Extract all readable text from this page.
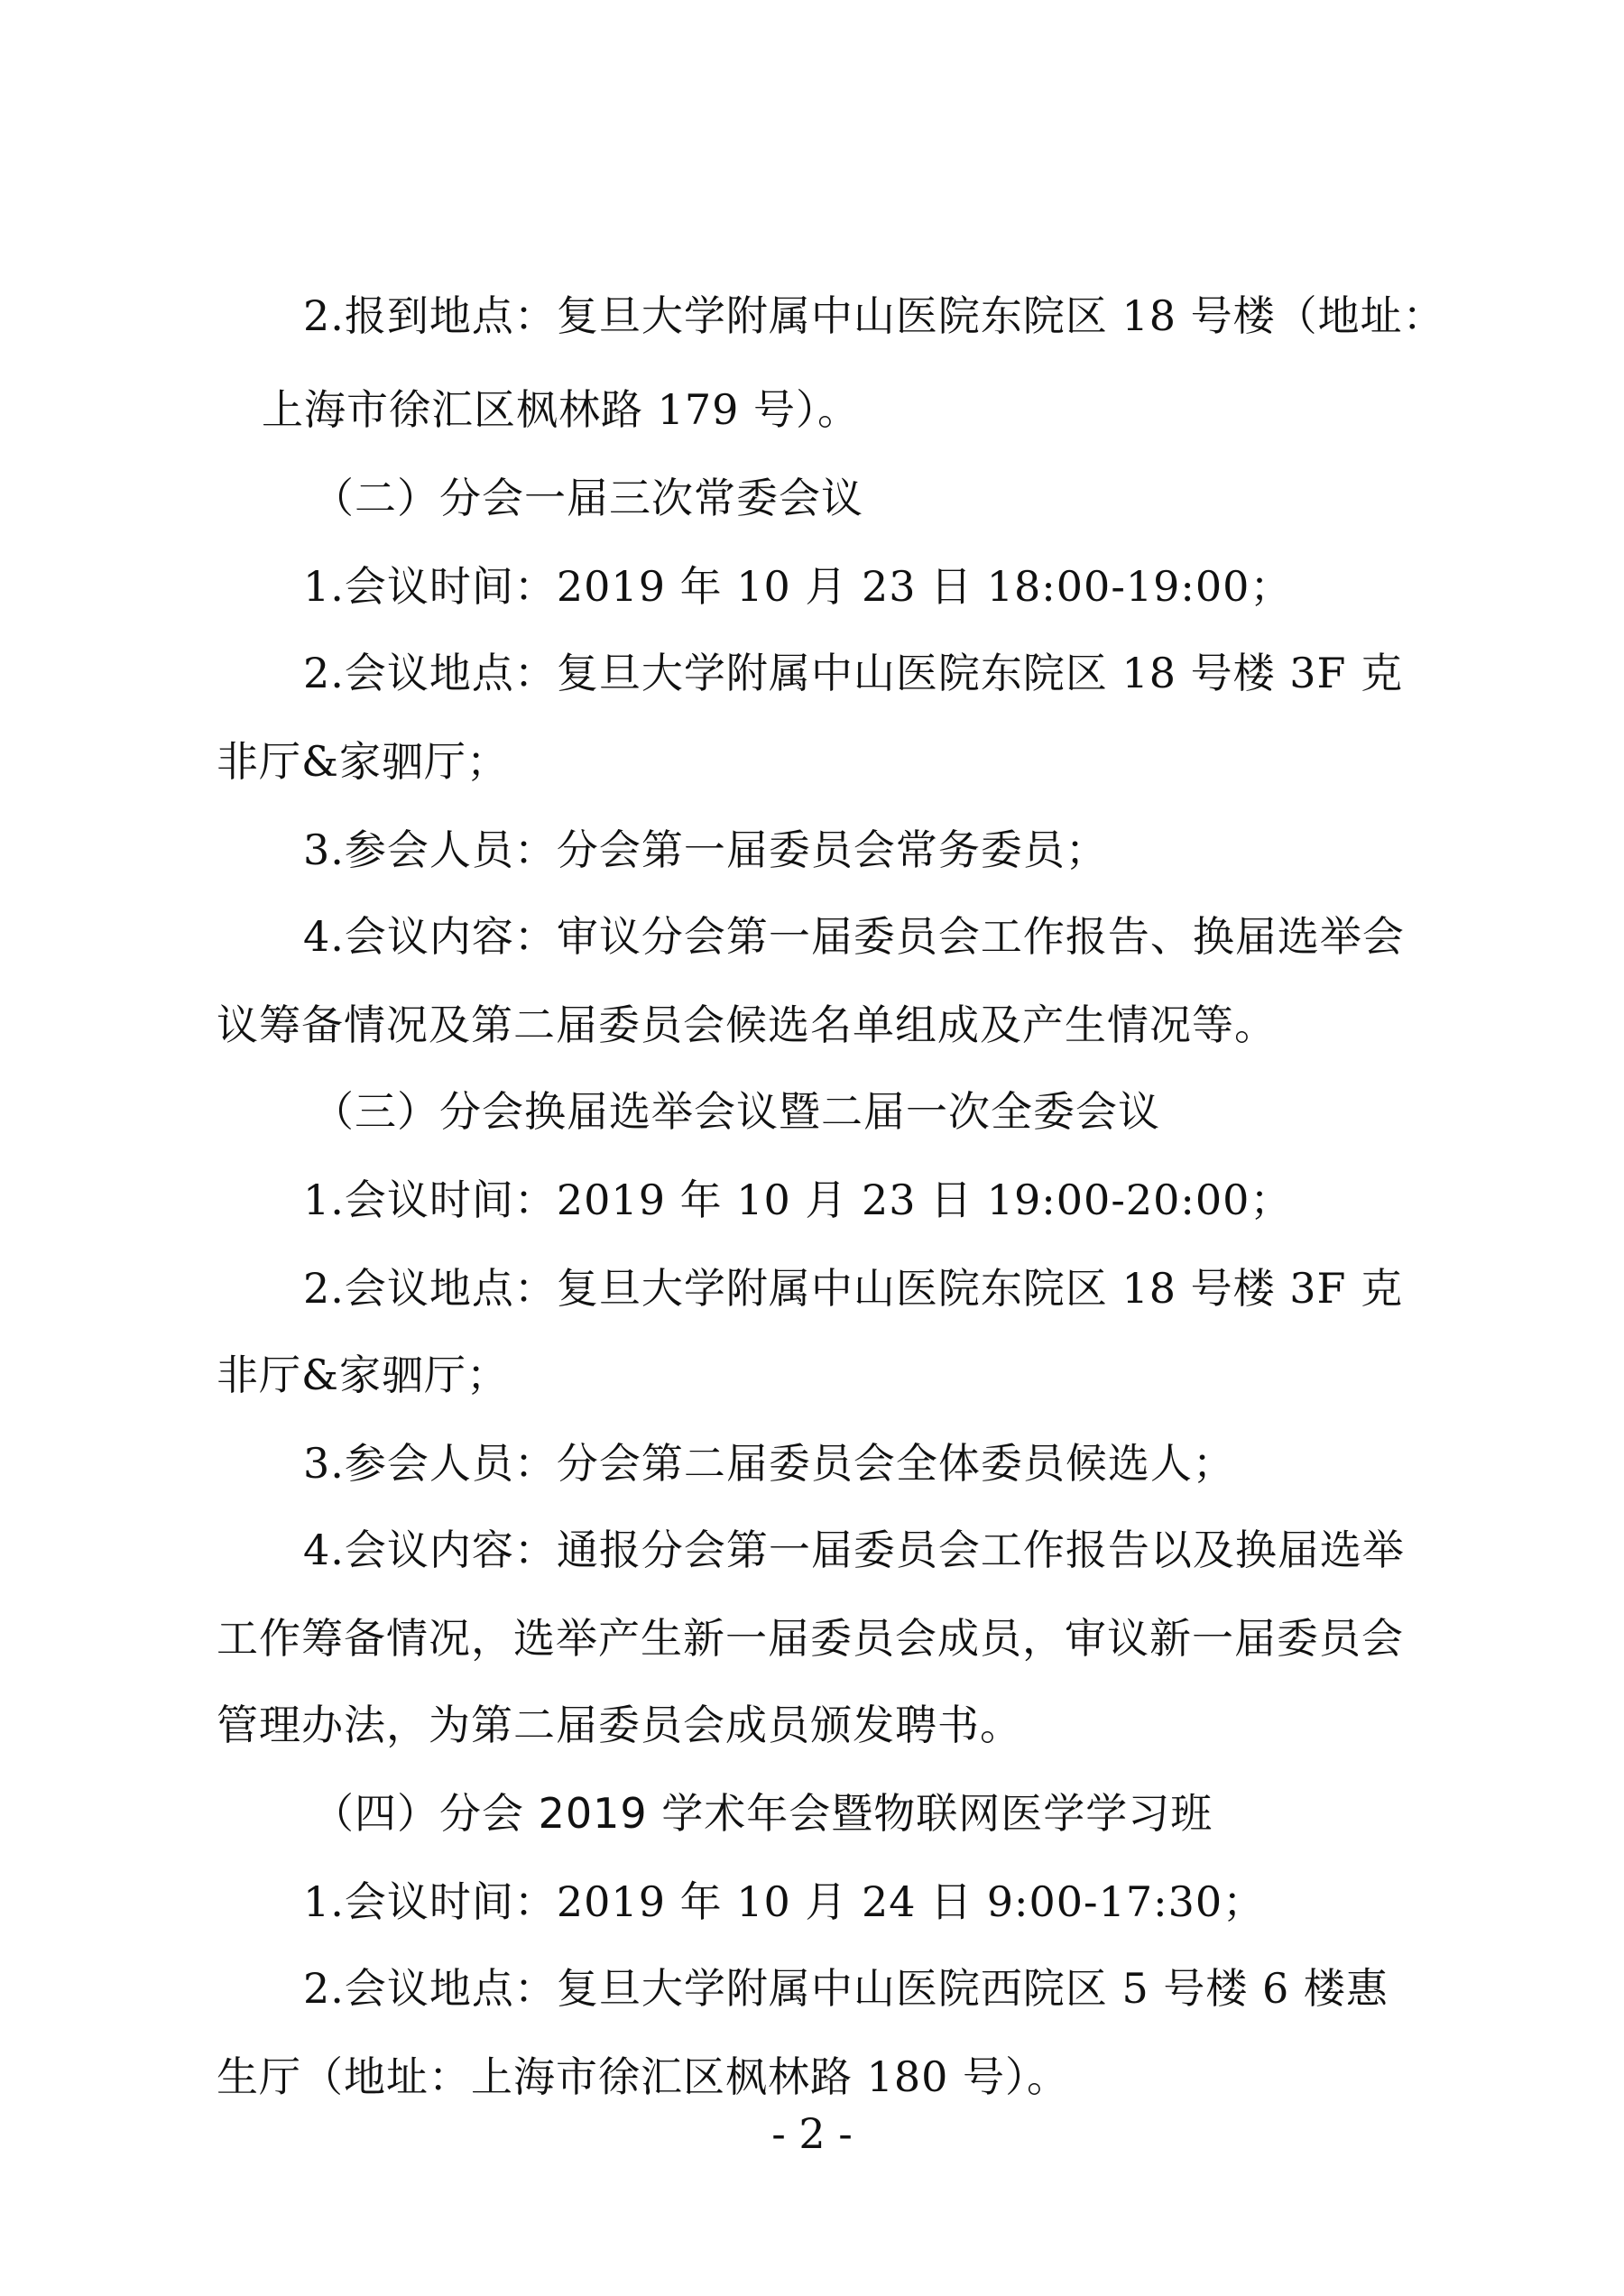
2.报到地点：复旦大学附属中山医院东院区 18 号楼（地址：
上海市徐汇区枫林路 179 号）。
（二）分会一届三次常委会议
1.会议时间：2019 年 10 月 23 日 18:00-19:00；
2.会议地点：复旦大学附属中山医院东院区 18 号楼 3F 克
非厅&家驷厅；
3.参会人员：分会第一届委员会常务委员；
4.会议内容：审议分会第一届委员会工作报告、换届选举会
议筹备情况及第二届委员会候选名单组成及产生情况等。
（三）分会换届选举会议暨二届一次全委会议
1.会议时间：2019 年 10 月 23 日 19:00-20:00；
2.会议地点：复旦大学附属中山医院东院区 18 号楼 3F 克
非厅&家驷厅；
3.参会人员：分会第二届委员会全体委员候选人；
4.会议内容：通报分会第一届委员会工作报告以及换届选举
工作筹备情况，选举产生新一届委员会成员，审议新一届委员会
管理办法，为第二届委员会成员颁发聘书。
（四）分会 2019 学术年会暨物联网医学学习班
1.会议时间：2019 年 10 月 24 日 9:00-17:30；
2.会议地点：复旦大学附属中山医院西院区 5 号楼 6 楼惠
生厅（地址：上海市徐汇区枫林路 180 号）。
- 2 -
